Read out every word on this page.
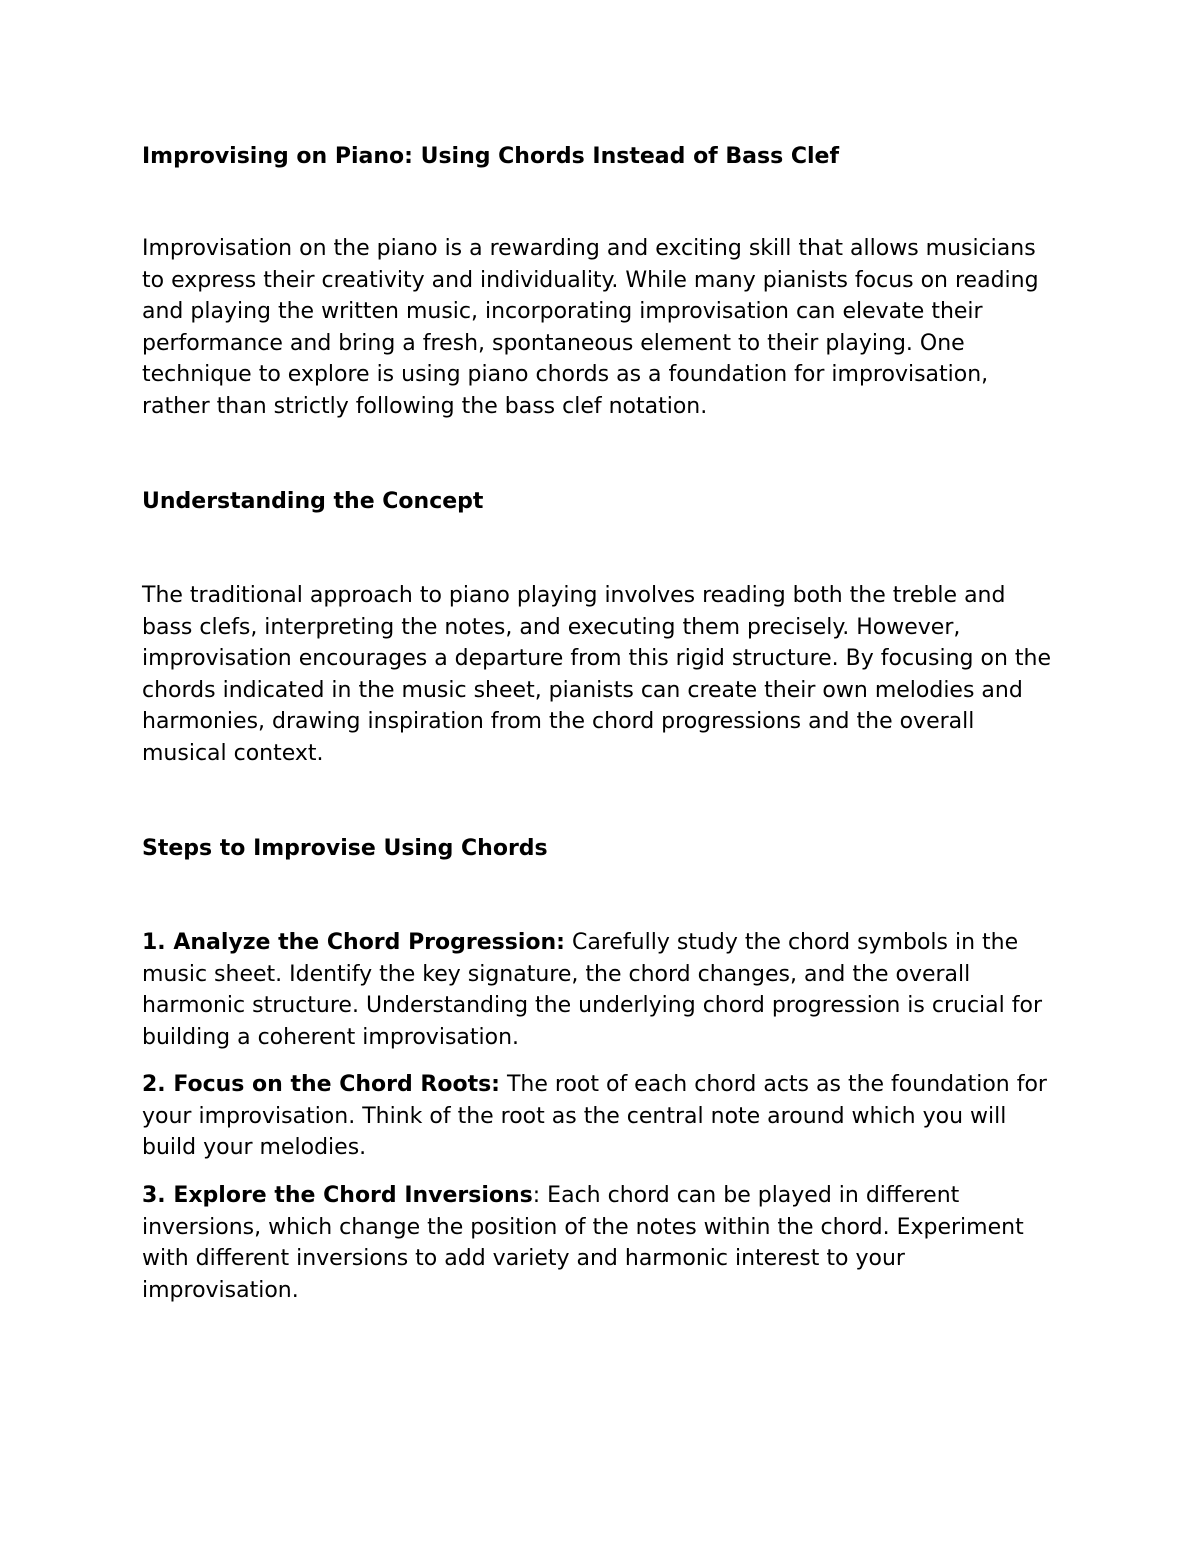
Improvising on Piano: Using Chords Instead of Bass Clef

Improvisation on the piano is a rewarding and exciting skill that allows musicians to express their creativity and individuality. While many pianists focus on reading and playing the written music, incorporating improvisation can elevate their performance and bring a fresh, spontaneous element to their playing. One technique to explore is using piano chords as a foundation for improvisation, rather than strictly following the bass clef notation.

Understanding the Concept

The traditional approach to piano playing involves reading both the treble and bass clefs, interpreting the notes, and executing them precisely. However, improvisation encourages a departure from this rigid structure. By focusing on the chords indicated in the music sheet, pianists can create their own melodies and harmonies, drawing inspiration from the chord progressions and the overall musical context.

Steps to Improvise Using Chords

1. Analyze the Chord Progression: Carefully study the chord symbols in the music sheet. Identify the key signature, the chord changes, and the overall harmonic structure. Understanding the underlying chord progression is crucial for building a coherent improvisation.

2. Focus on the Chord Roots: The root of each chord acts as the foundation for your improvisation. Think of the root as the central note around which you will build your melodies.

3. Explore the Chord Inversions: Each chord can be played in different inversions, which change the position of the notes within the chord. Experiment with different inversions to add variety and harmonic interest to your improvisation.
